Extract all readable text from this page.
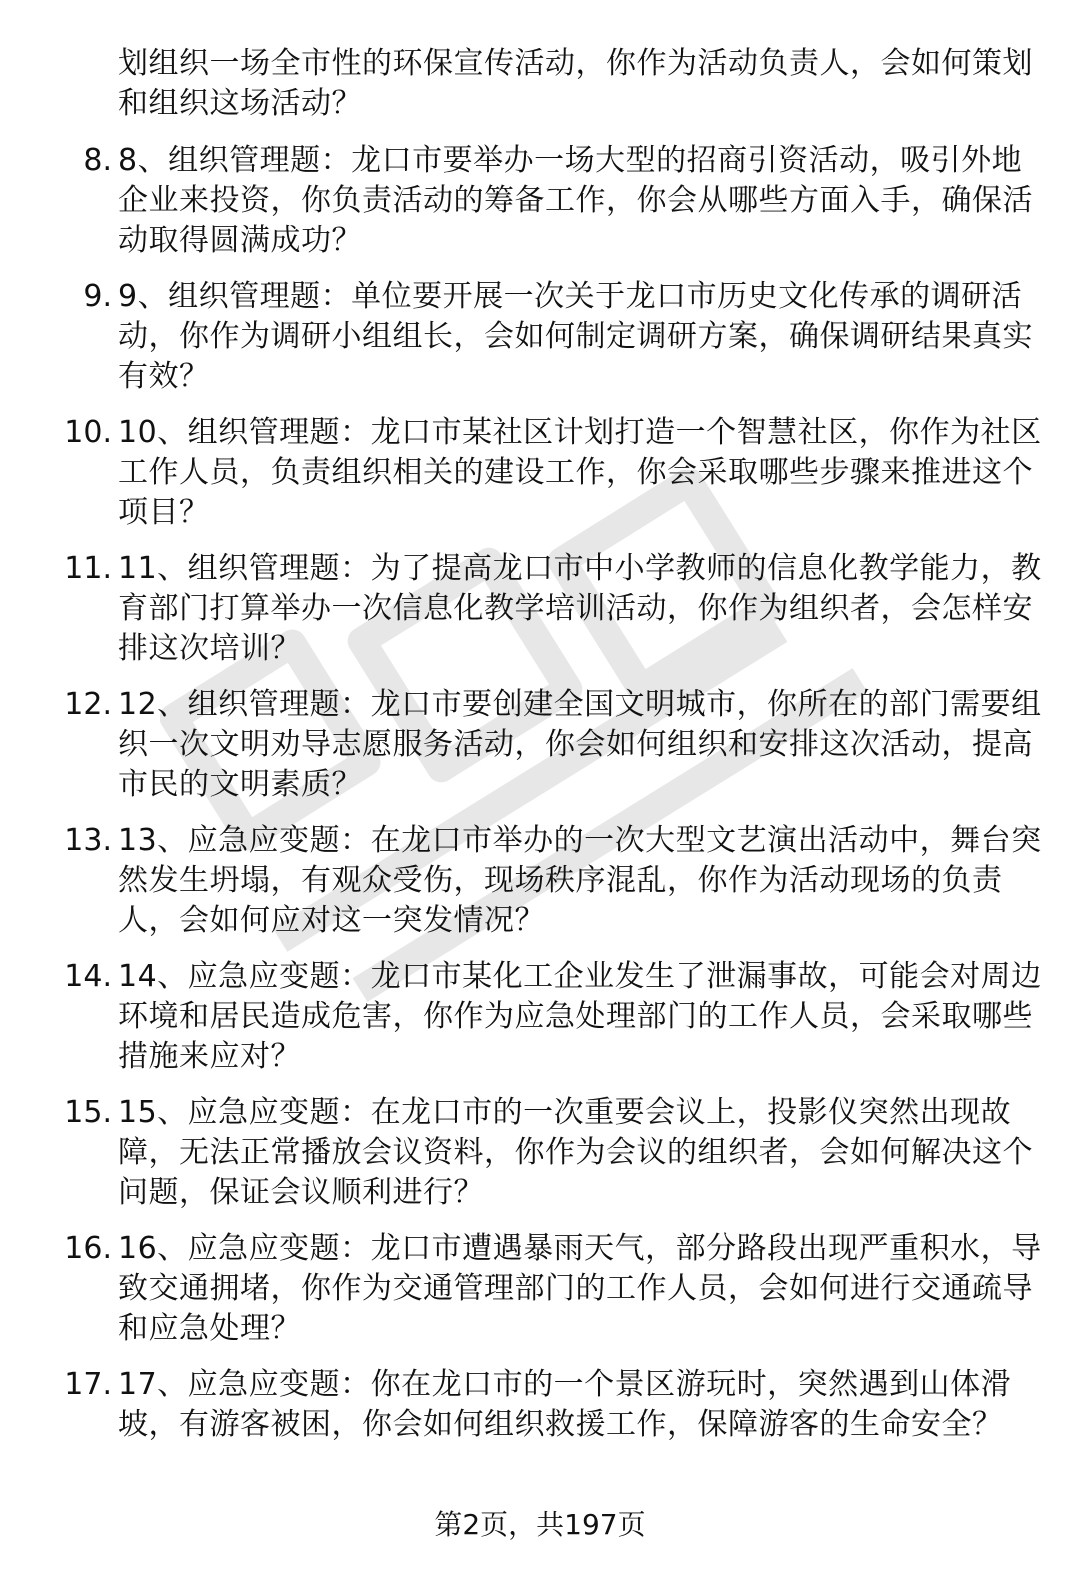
划组织一场全市性的环保宣传活动，你作为活动负责人，会如何策划和组织这场活动？

8. 8、组织管理题：龙口市要举办一场大型的招商引资活动，吸引外地企业来投资，你负责活动的筹备工作，你会从哪些方面入手，确保活动取得圆满成功？

9. 9、组织管理题：单位要开展一次关于龙口市历史文化传承的调研活动，你作为调研小组组长，会如何制定调研方案，确保调研结果真实有效？

10. 10、组织管理题：龙口市某社区计划打造一个智慧社区，你作为社区工作人员，负责组织相关的建设工作，你会采取哪些步骤来推进这个项目？

11. 11、组织管理题：为了提高龙口市中小学教师的信息化教学能力，教育部门打算举办一次信息化教学培训活动，你作为组织者，会怎样安排这次培训？

12. 12、组织管理题：龙口市要创建全国文明城市，你所在的部门需要组织一次文明劝导志愿服务活动，你会如何组织和安排这次活动，提高市民的文明素质？

13. 13、应急应变题：在龙口市举办的一次大型文艺演出活动中，舞台突然发生坍塌，有观众受伤，现场秩序混乱，你作为活动现场的负责人，会如何应对这一突发情况？

14. 14、应急应变题：龙口市某化工企业发生了泄漏事故，可能会对周边环境和居民造成危害，你作为应急处理部门的工作人员，会采取哪些措施来应对？

15. 15、应急应变题：在龙口市的一次重要会议上，投影仪突然出现故障，无法正常播放会议资料，你作为会议的组织者，会如何解决这个问题，保证会议顺利进行？

16. 16、应急应变题：龙口市遭遇暴雨天气，部分路段出现严重积水，导致交通拥堵，你作为交通管理部门的工作人员，会如何进行交通疏导和应急处理？

17. 17、应急应变题：你在龙口市的一个景区游玩时，突然遇到山体滑坡，有游客被困，你会如何组织救援工作，保障游客的生命安全？

第2页，共197页
